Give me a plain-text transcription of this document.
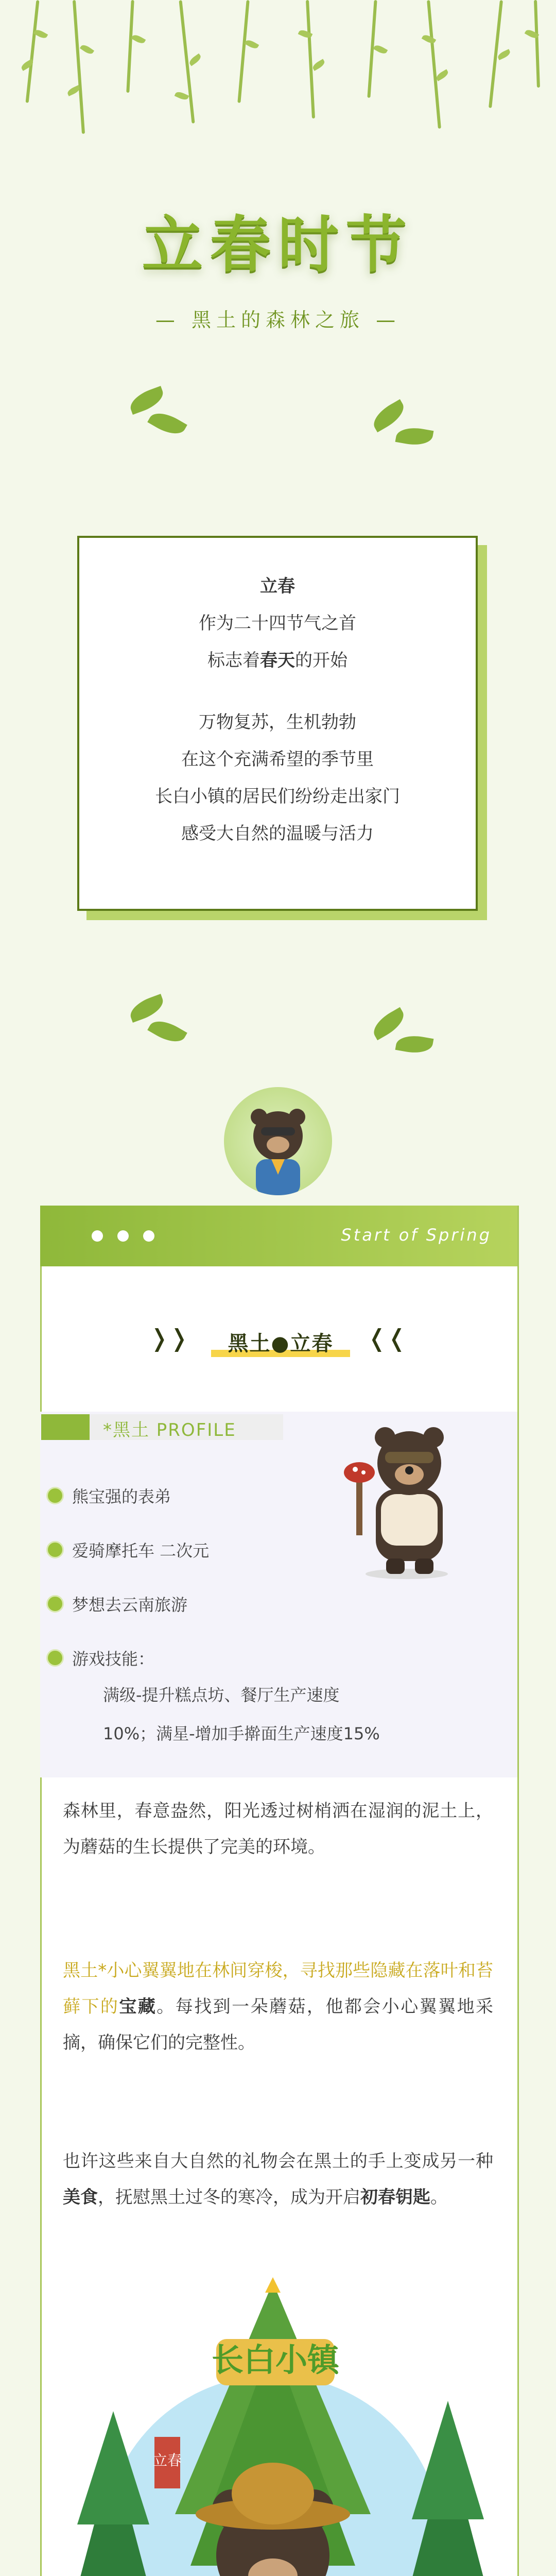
立春时节
— 黑土的森林之旅 —

立春

作为二十四节气之首

标志着春天的开始

万物复苏，生机勃勃

在这个充满希望的季节里

长白小镇的居民们纷纷走出家门

感受大自然的温暖与活力

Start of Spring
❭❭	❬❬
黑土●立春
*黑土 PROFILE
熊宝强的表弟
爱骑摩托车 二次元
梦想去云南旅游
游戏技能：
满级-提升糕点坊、餐厅生产速度
10%；满星-增加手擀面生产速度15%
森林里，春意盎然，阳光透过树梢洒在湿润的泥土上，为蘑菇的生长提供了完美的环境。
黑土*小心翼翼地在林间穿梭，寻找那些隐藏在落叶和苔藓下的宝藏。每找到一朵蘑菇，他都会小心翼翼地采摘，确保它们的完整性。
也许这些来自大自然的礼物会在黑土的手上变成另一种美食，抚慰黑土过冬的寒冷，成为开启初春钥匙。
长白小镇
立春
